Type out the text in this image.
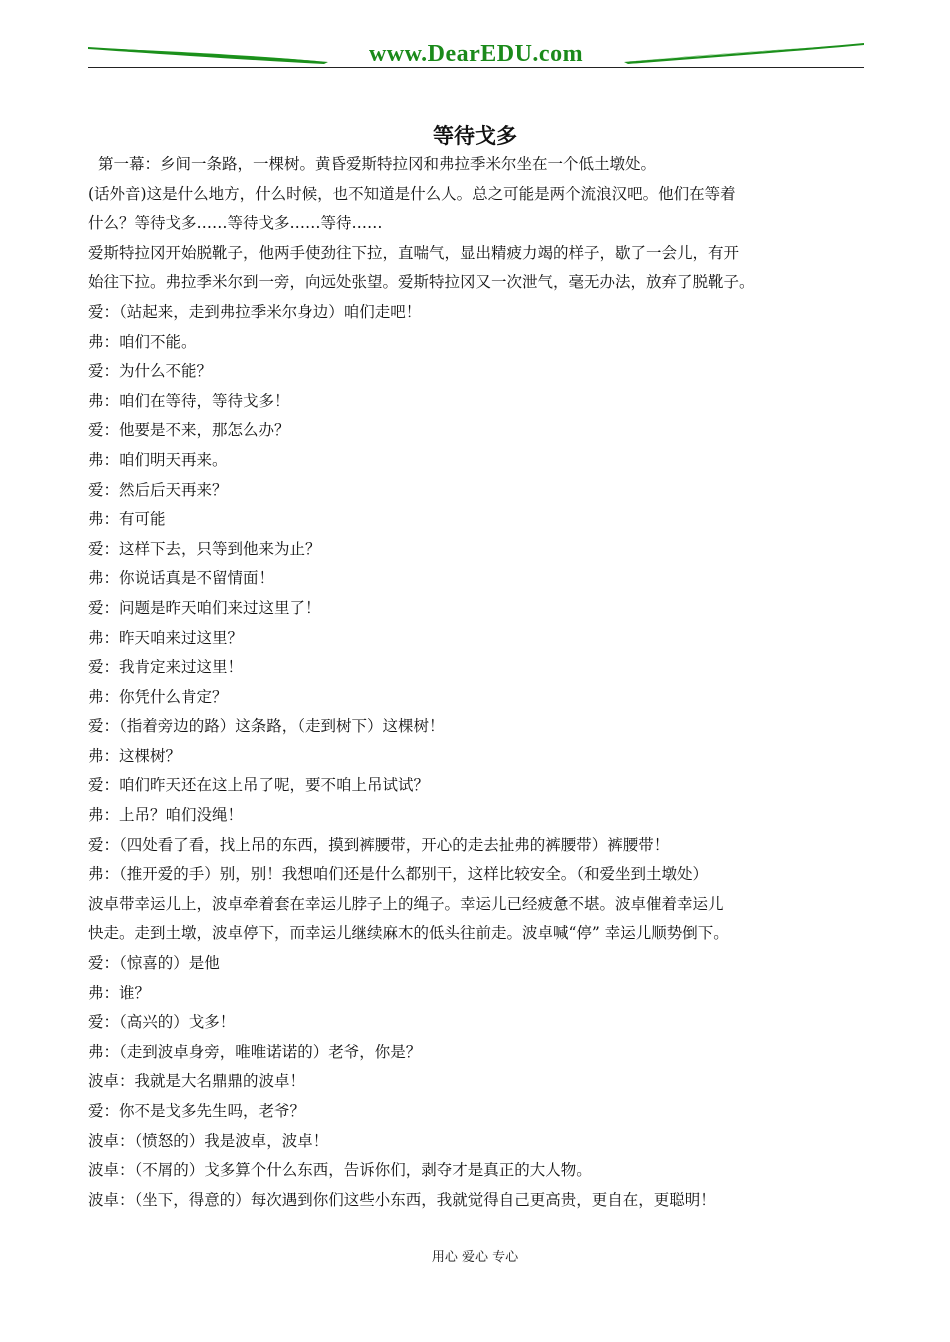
www.DearEDU.com
等待戈多

第一幕：乡间一条路，一棵树。黄昏爱斯特拉冈和弗拉季米尔坐在一个低土墩处。

(话外音)这是什么地方，什么时候，也不知道是什么人。总之可能是两个流浪汉吧。他们在等着

什么？等待戈多……等待戈多……等待……

爱斯特拉冈开始脱靴子，他两手使劲往下拉，直喘气，显出精疲力竭的样子，歇了一会儿，有开

始往下拉。弗拉季米尔到一旁，向远处张望。爱斯特拉冈又一次泄气，毫无办法，放弃了脱靴子。

爱：（站起来，走到弗拉季米尔身边）咱们走吧！

弗：咱们不能。

爱：为什么不能？

弗：咱们在等待，等待戈多！

爱：他要是不来，那怎么办？

弗：咱们明天再来。

爱：然后后天再来？

弗：有可能

爱：这样下去，只等到他来为止？

弗：你说话真是不留情面！

爱：问题是昨天咱们来过这里了！

弗：昨天咱来过这里？

爱：我肯定来过这里！

弗：你凭什么肯定？

爱：（指着旁边的路）这条路，（走到树下）这棵树！

弗：这棵树？

爱：咱们昨天还在这上吊了呢，要不咱上吊试试？

弗：上吊？咱们没绳！

爱：（四处看了看，找上吊的东西，摸到裤腰带，开心的走去扯弗的裤腰带）裤腰带！

弗：（推开爱的手）别，别！我想咱们还是什么都别干，这样比较安全。（和爱坐到土墩处）

波卓带幸运儿上，波卓牵着套在幸运儿脖子上的绳子。幸运儿已经疲惫不堪。波卓催着幸运儿

快走。走到土墩，波卓停下，而幸运儿继续麻木的低头往前走。波卓喊“停” 幸运儿顺势倒下。

爱：（惊喜的）是他

弗：谁？

爱：（高兴的）戈多！

弗：（走到波卓身旁，唯唯诺诺的）老爷，你是？

波卓：我就是大名鼎鼎的波卓！

爱：你不是戈多先生吗，老爷？

波卓：（愤怒的）我是波卓，波卓！

波卓：（不屑的）戈多算个什么东西，告诉你们，剥夺才是真正的大人物。

波卓：（坐下，得意的）每次遇到你们这些小东西，我就觉得自己更高贵，更自在，更聪明！

用心 爱心 专心
